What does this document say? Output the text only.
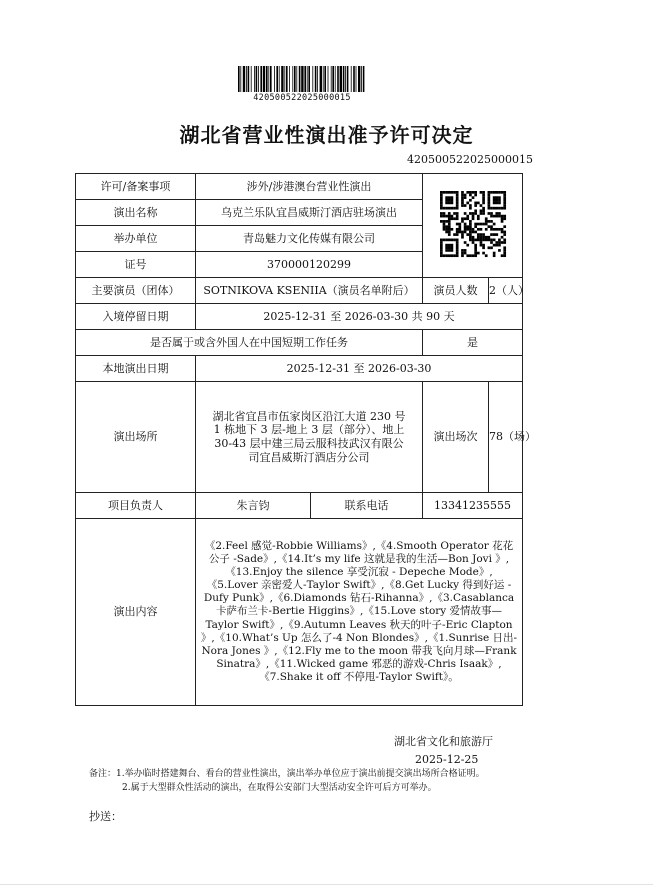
420500522025000015
湖北省营业性演出准予许可决定
420500522025000015
许可/备案事项	涉外/涉港澳台营业性演出	
演出名称	乌克兰乐队宜昌威斯汀酒店驻场演出			
举办单位	青岛魅力文化传媒有限公司			
证号	370000120299			
主要演员（团体）	SOTNIKOVA KSENIIA（演员名单附后）		演员人数	2（人）
入境停留日期	2025-12-31 至 2026-03-30 共 90 天			
是否属于或含外国人在中国短期工作任务			是	
本地演出日期	2025-12-31 至 2026-03-30			
演出场所	湖北省宜昌市伍家岗区沿江大道 230 号
1 栋地下 3 层-地上 3 层（部分）、地上
30-43 层中建三局云服科技武汉有限公
司宜昌威斯汀酒店分公司		演出场次	78（场）
项目负责人	朱言钧	联系电话	13341235555	
演出内容	《2.Feel 感觉-Robbie Williams》,《4.Smooth Operator 花花公子 -Sade》,《14.It’s my life 这就是我的生活—Bon Jovi 》,《13.Enjoy the silence 享受沉寂 - Depeche Mode》,《5.Lover 亲密爱人-Taylor Swift》,《8.Get Lucky 得到好运 -Dufy Punk》,《6.Diamonds 钻石-Rihanna》,《3.Casablanca 卡萨布兰卡-Bertie Higgins》,《15.Love story 爱情故事—Taylor Swift》,《9.Autumn Leaves 秋天的叶子-Eric Clapton 》,《10.What’s Up 怎么了-4 Non Blondes》,《1.Sunrise 日出-Nora Jones 》,《12.Fly me to the moon 带我飞向月球—Frank Sinatra》,《11.Wicked game 邪恶的游戏-Chris Isaak》,《7.Shake it off 不停甩-Taylor Swift》。			
湖北省文化和旅游厅
2025-12-25
备注：1.举办临时搭建舞台、看台的营业性演出，演出举办单位应于演出前提交演出场所合格证明。
2.属于大型群众性活动的演出，在取得公安部门大型活动安全许可后方可举办。
抄送：
